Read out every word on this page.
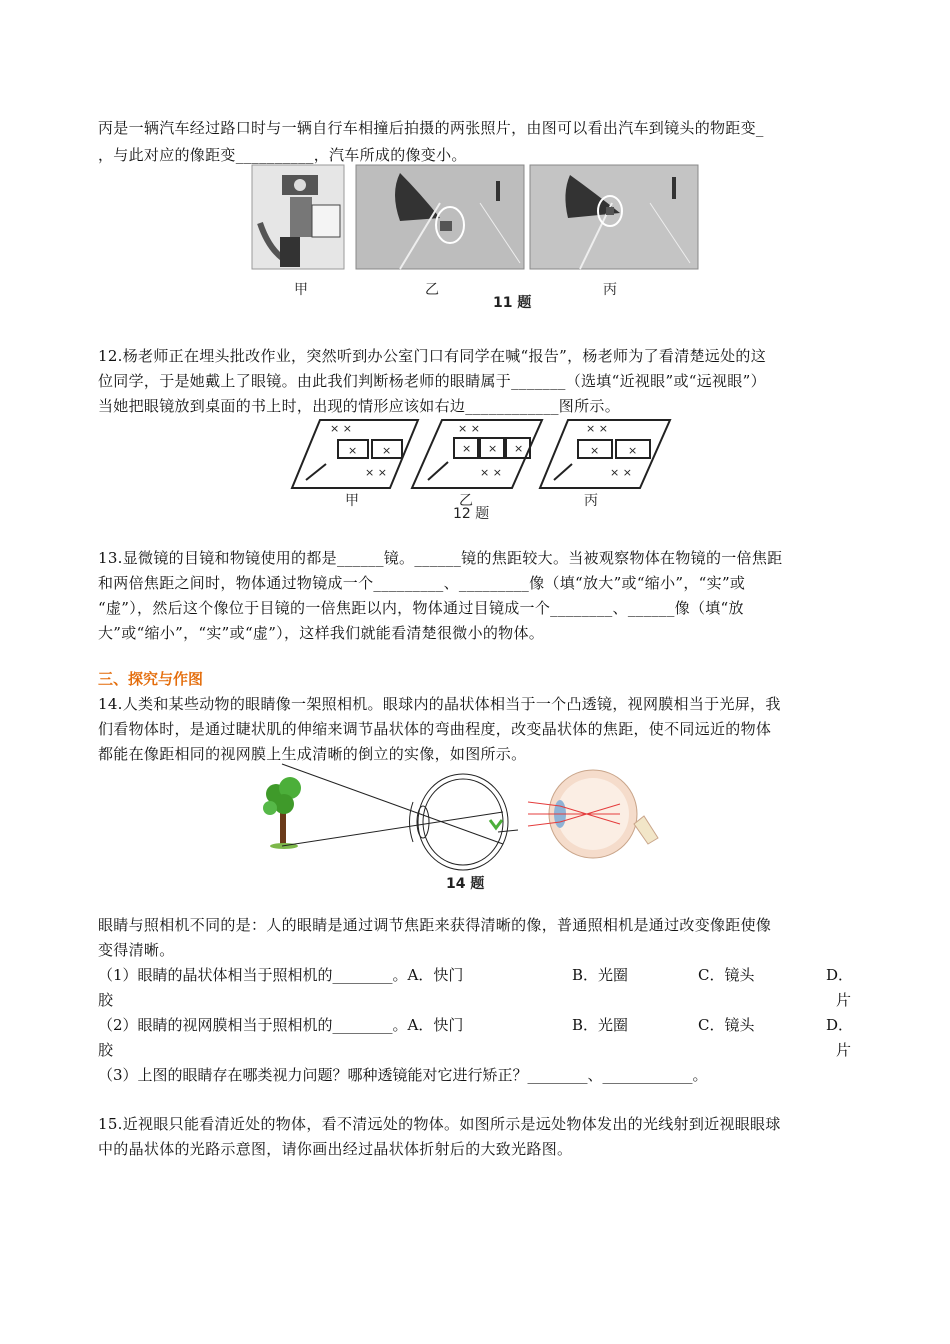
丙是一辆汽车经过路口时与一辆自行车相撞后拍摄的两张照片，由图可以看出汽车到镜头的物距变_
，与此对应的像距变__________，汽车所成的像变小。
甲	乙	丙
11 题
12.杨老师正在埋头批改作业，突然听到办公室门口有同学在喊“报告”，杨老师为了看清楚远处的这
位同学，于是她戴上了眼镜。由此我们判断杨老师的眼睛属于_______（选填“近视眼”或“远视眼”）
当她把眼镜放到桌面的书上时，出现的情形应该如右边____________图所示。
× ×
× ×
× ×
× ×
× × ×
× ×
× ×
×	×
× ×
甲	乙	丙
12 题
13.显微镜的目镜和物镜使用的都是______镜。______镜的焦距较大。当被观察物体在物镜的一倍焦距
和两倍焦距之间时，物体通过物镜成一个_________、_________像（填“放大”或“缩小”，“实”或
“虚”），然后这个像位于目镜的一倍焦距以内，物体通过目镜成一个________、______像（填“放
大”或“缩小”，“实”或“虚”），这样我们就能看清楚很微小的物体。
三、探究与作图
14.人类和某些动物的眼睛像一架照相机。眼球内的晶状体相当于一个凸透镜，视网膜相当于光屏，我
们看物体时，是通过睫状肌的伸缩来调节晶状体的弯曲程度，改变晶状体的焦距，使不同远近的物体
都能在像距相同的视网膜上生成清晰的倒立的实像，如图所示。
14 题
眼睛与照相机不同的是：人的眼睛是通过调节焦距来获得清晰的像，普通照相机是通过改变像距使像
变得清晰。
（1）眼睛的晶状体相当于照相机的________。A．快门	B．光圈	C．镜头	D．
胶	片
（2）眼睛的视网膜相当于照相机的________。A．快门	B．光圈	C．镜头	D．
胶	片
（3）上图的眼睛存在哪类视力问题？哪种透镜能对它进行矫正？________、____________。
15.近视眼只能看清近处的物体，看不清远处的物体。如图所示是远处物体发出的光线射到近视眼眼球
中的晶状体的光路示意图，请你画出经过晶状体折射后的大致光路图。
